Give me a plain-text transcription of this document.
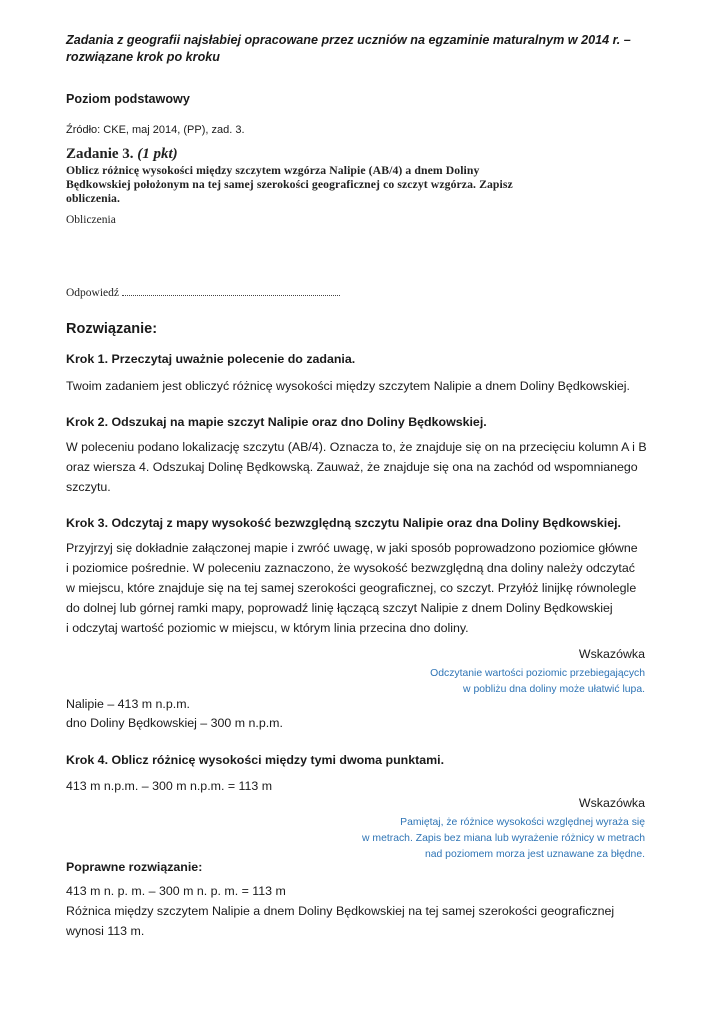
Zadania z geografii najsłabiej opracowane przez uczniów na egzaminie maturalnym w 2014 r. –
rozwiązane krok po kroku
Poziom podstawowy
Źródło: CKE, maj 2014, (PP), zad. 3.
Zadanie 3. (1 pkt)
Oblicz różnicę wysokości między szczytem wzgórza Nalipie (AB/4) a dnem Doliny
Będkowskiej położonym na tej samej szerokości geograficznej co szczyt wzgórza. Zapisz
obliczenia.
Obliczenia
Odpowiedź
Rozwiązanie:
Krok 1. Przeczytaj uważnie polecenie do zadania.
Twoim zadaniem jest obliczyć różnicę wysokości między szczytem Nalipie a dnem Doliny Będkowskiej.
Krok 2. Odszukaj na mapie szczyt Nalipie oraz dno Doliny Będkowskiej.
W poleceniu podano lokalizację szczytu (AB/4). Oznacza to, że znajduje się on na przecięciu kolumn A i B
oraz wiersza 4. Odszukaj Dolinę Będkowską. Zauważ, że znajduje się ona na zachód od wspomnianego
szczytu.
Krok 3. Odczytaj z mapy wysokość bezwzględną szczytu Nalipie oraz dna Doliny Będkowskiej.
Przyjrzyj się dokładnie załączonej mapie i zwróć uwagę, w jaki sposób poprowadzono poziomice główne
i poziomice pośrednie. W poleceniu zaznaczono, że wysokość bezwzględną dna doliny należy odczytać
w miejscu, które znajduje się na tej samej szerokości geograficznej, co szczyt. Przyłóż linijkę równolegle
do dolnej lub górnej ramki mapy, poprowadź linię łączącą szczyt Nalipie z dnem Doliny Będkowskiej
i odczytaj wartość poziomic w miejscu, w którym linia przecina dno doliny.
Wskazówka
Odczytanie wartości poziomic przebiegających
w pobliżu dna doliny może ułatwić lupa.
Nalipie – 413 m n.p.m.
dno Doliny Będkowskiej – 300 m n.p.m.
Krok 4. Oblicz różnicę wysokości między tymi dwoma punktami.
413 m n.p.m. – 300 m n.p.m. = 113 m
Wskazówka
Pamiętaj, że różnice wysokości względnej wyraża się
w metrach. Zapis bez miana lub wyrażenie różnicy w metrach
nad poziomem morza jest uznawane za błędne.
Poprawne rozwiązanie:
413 m n. p. m. – 300 m n. p. m. = 113 m
Różnica między szczytem Nalipie a dnem Doliny Będkowskiej na tej samej szerokości geograficznej
wynosi 113 m.
